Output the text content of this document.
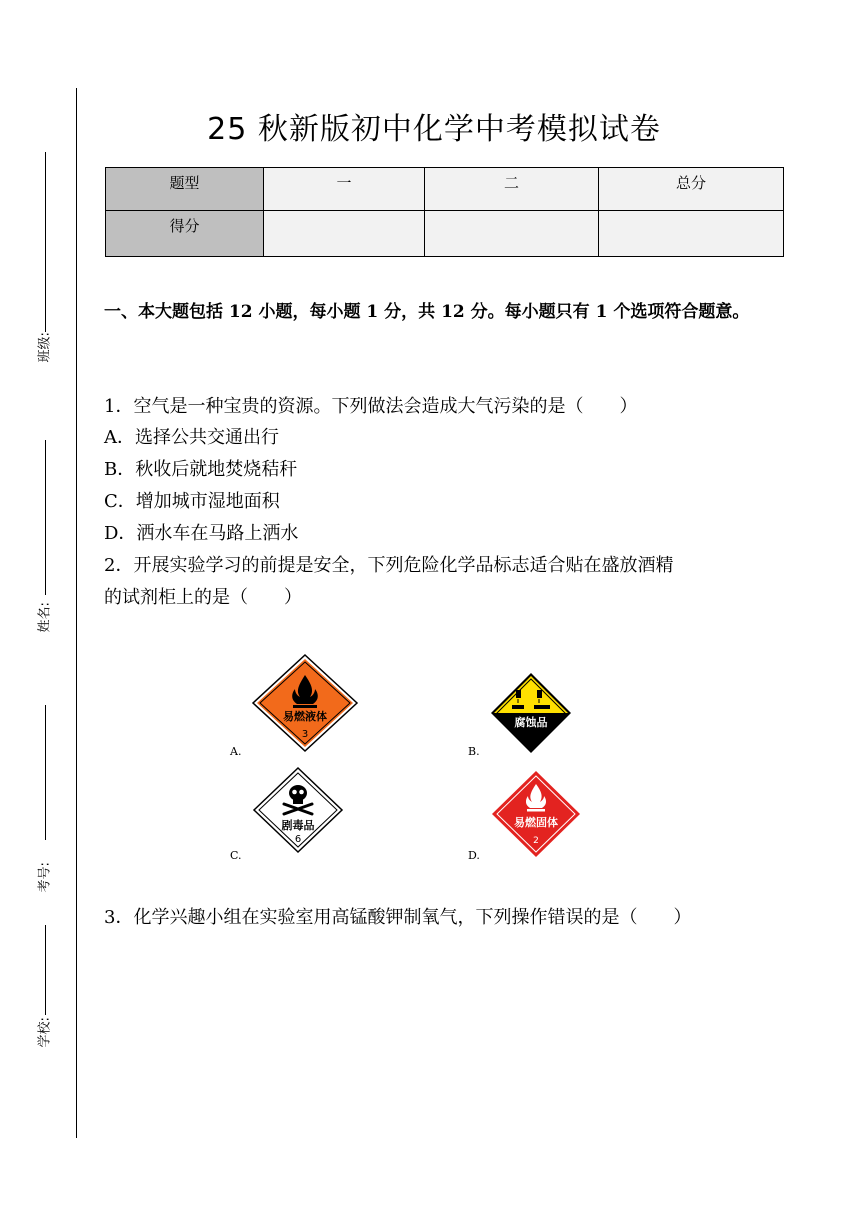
班级:
姓名:
考号:
学校:
25 秋新版初中化学中考模拟试卷
题型	一	二	总分
得分			
一、本大题包括 12 小题，每小题 1 分，共 12 分。每小题只有 1 个选项符合题意。
1．空气是一种宝贵的资源。下列做法会造成大气污染的是（　　）
A．选择公共交通出行
B．秋收后就地焚烧秸秆
C．增加城市湿地面积
D．洒水车在马路上洒水
2．开展实验学习的前提是安全，下列危险化学品标志适合贴在盛放酒精
的试剂柜上的是（　　）
易燃液体
3
A.
腐蚀品
B.
剧毒品
6
C.
易燃固体
2
D.
3．化学兴趣小组在实验室用高锰酸钾制氧气，下列操作错误的是（　　）
